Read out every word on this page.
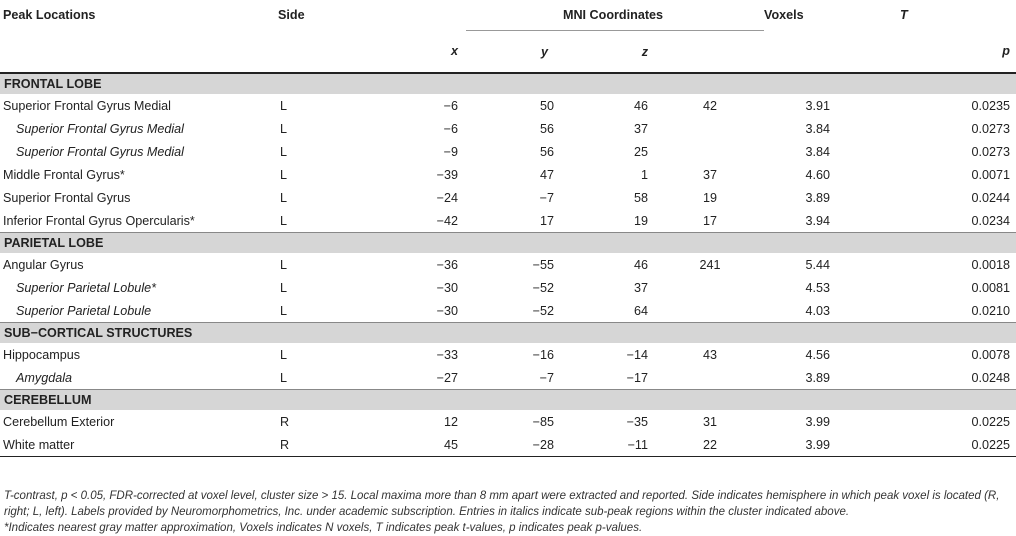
Peak Locations	Side		MNI Coordinates			Voxels	T
		x	y	z			p
FRONTAL LOBE							
Superior Frontal Gyrus Medial	L	−6	50	46	42	3.91	0.0235
Superior Frontal Gyrus Medial	L	−6	56	37		3.84	0.0273
Superior Frontal Gyrus Medial	L	−9	56	25		3.84	0.0273
Middle Frontal Gyrus*	L	−39	47	1	37	4.60	0.0071
Superior Frontal Gyrus	L	−24	−7	58	19	3.89	0.0244
Inferior Frontal Gyrus Opercularis*	L	−42	17	19	17	3.94	0.0234
PARIETAL LOBE							
Angular Gyrus	L	−36	−55	46	241	5.44	0.0018
Superior Parietal Lobule*	L	−30	−52	37		4.53	0.0081
Superior Parietal Lobule	L	−30	−52	64		4.03	0.0210
SUB−CORTICAL STRUCTURES							
Hippocampus	L	−33	−16	−14	43	4.56	0.0078
Amygdala	L	−27	−7	−17		3.89	0.0248
CEREBELLUM							
Cerebellum Exterior	R	12	−85	−35	31	3.99	0.0225
White matter	R	45	−28	−11	22	3.99	0.0225

T-contrast, p < 0.05, FDR-corrected at voxel level, cluster size > 15. Local maxima more than 8 mm apart were extracted and reported. Side indicates hemisphere in which peak voxel is located (R, right; L, left). Labels provided by Neuromorphometrics, Inc. under academic subscription. Entries in italics indicate sub-peak regions within the cluster indicated above.

*Indicates nearest gray matter approximation, Voxels indicates N voxels, T indicates peak t-values, p indicates peak p-values.
